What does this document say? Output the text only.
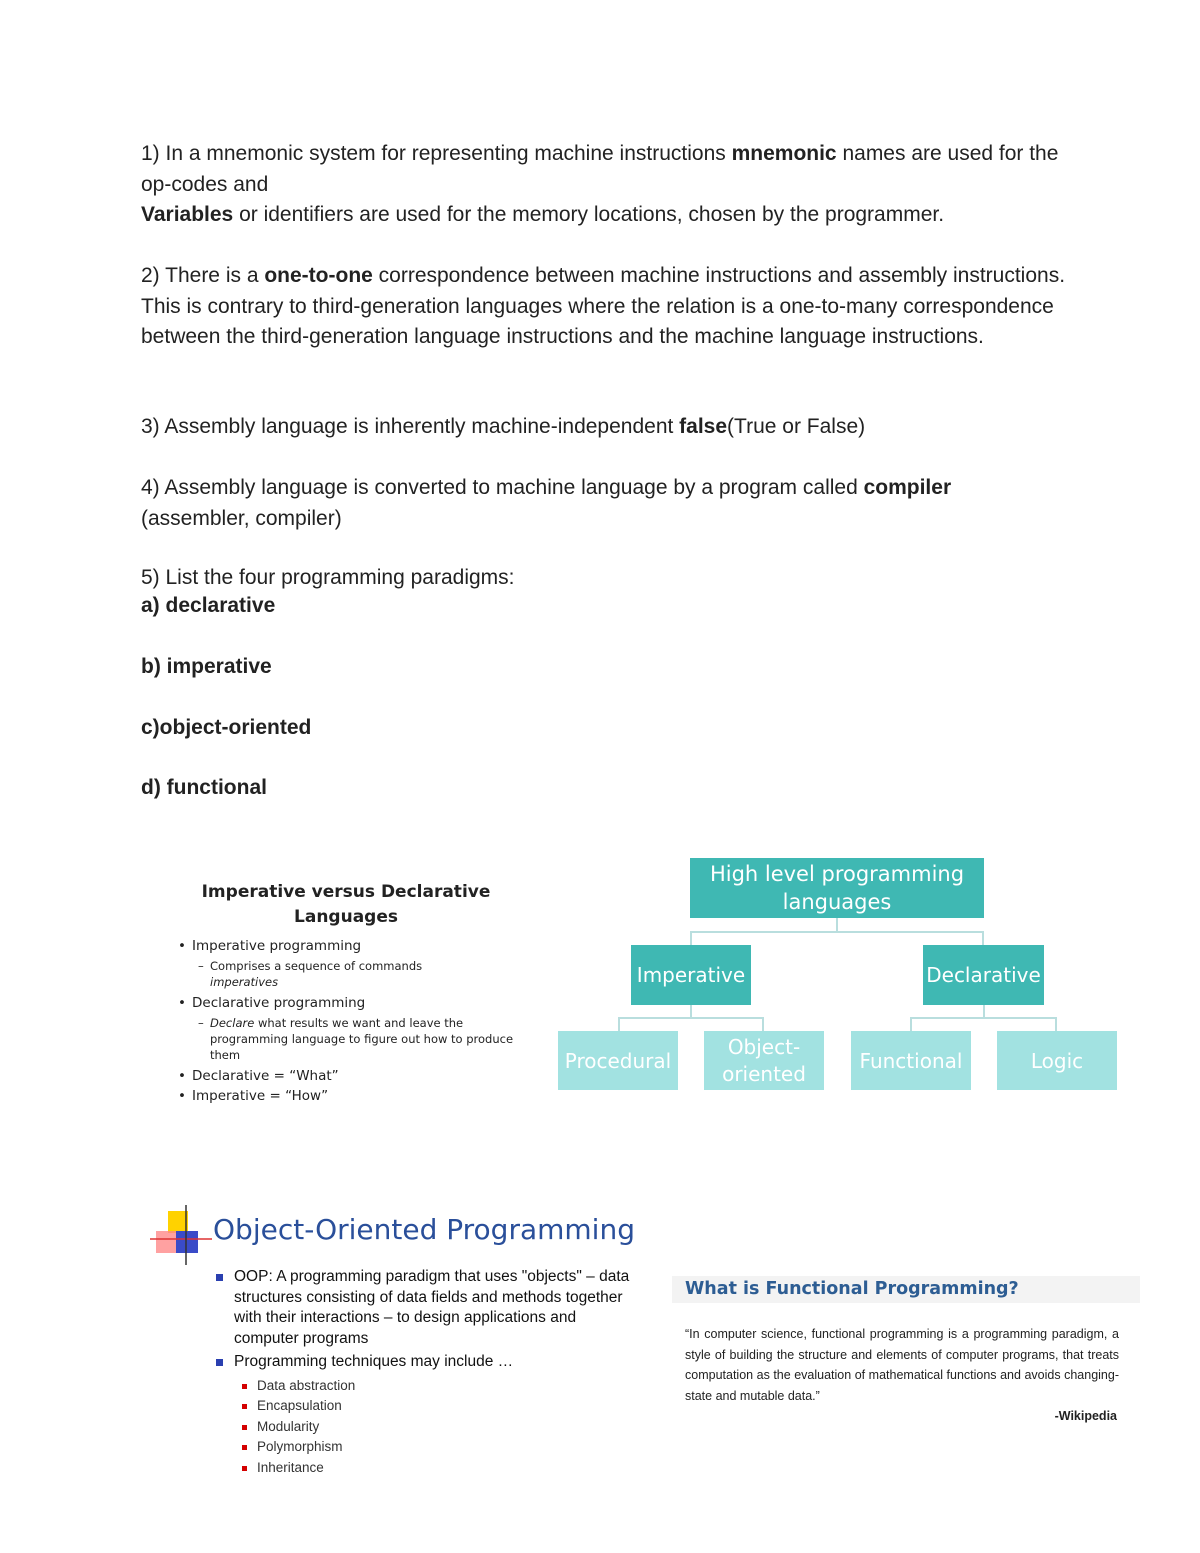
1) In a mnemonic system for representing machine instructions mnemonic names are used for the op-codes and

Variables or identifiers are used for the memory locations, chosen by the programmer.

2) There is a one-to-one correspondence between machine instructions and assembly instructions. This is contrary to third-generation languages where the relation is a one-to-many correspondence between the third-generation language instructions and the machine language instructions.

3) Assembly language is inherently machine-independent false(True or False)

4) Assembly language is converted to machine language by a program called compiler

(assembler, compiler)

5) List the four programming paradigms:

a) declarative
b) imperative
c)object-oriented
d) functional
Imperative versus Declarative
Languages
• Imperative programming
– Comprises a sequence of commands
imperatives
• Declarative programming
– Declare what results we want and leave the programming language to figure out how to produce them
• Declarative = “What”
• Imperative = “How”
High level programming languages
Imperative	Declarative
Procedural
Object-oriented
Functional	Logic
Object-Oriented Programming
OOP: A programming paradigm that uses "objects" – data structures consisting of data fields and methods together with their interactions – to design applications and computer programs
Programming techniques may include …
Data abstraction
Encapsulation
Modularity
Polymorphism
Inheritance
What is Functional Programming?
“In computer science, functional programming is a programming paradigm, a style of building the structure and elements of computer programs, that treats computation as the evaluation of mathematical functions and avoids changing-state and mutable data.”
-Wikipedia
